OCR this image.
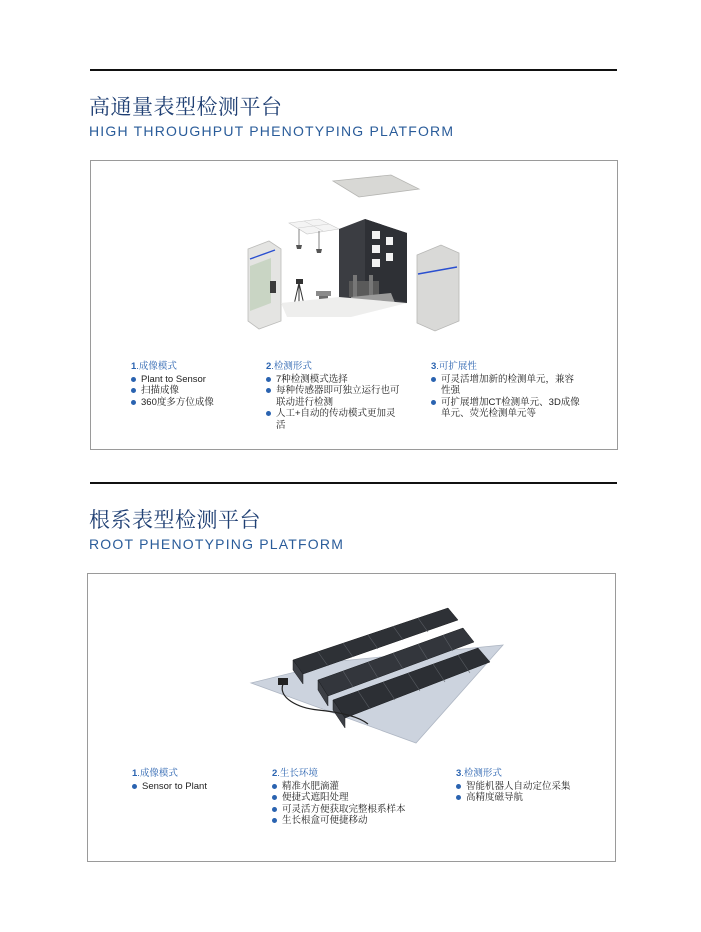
高通量表型检测平台
HIGH THROUGHPUT PHENOTYPING PLATFORM
1.成像模式
Plant to Sensor
扫描成像
360度多方位成像
2.检测形式
7种检测模式选择
每种传感器即可独立运行也可联动进行检测
人工+自动的传动模式更加灵活
3.可扩展性
可灵活增加新的检测单元，兼容性强
可扩展增加CT检测单元、3D成像单元、荧光检测单元等
根系表型检测平台
ROOT PHENOTYPING PLATFORM
1.成像模式
Sensor to Plant
2.生长环境
精准水肥滴灌
便捷式遮阳处理
可灵活方便获取完整根系样本
生长根盒可便捷移动
3.检测形式
智能机器人自动定位采集
高精度磁导航
